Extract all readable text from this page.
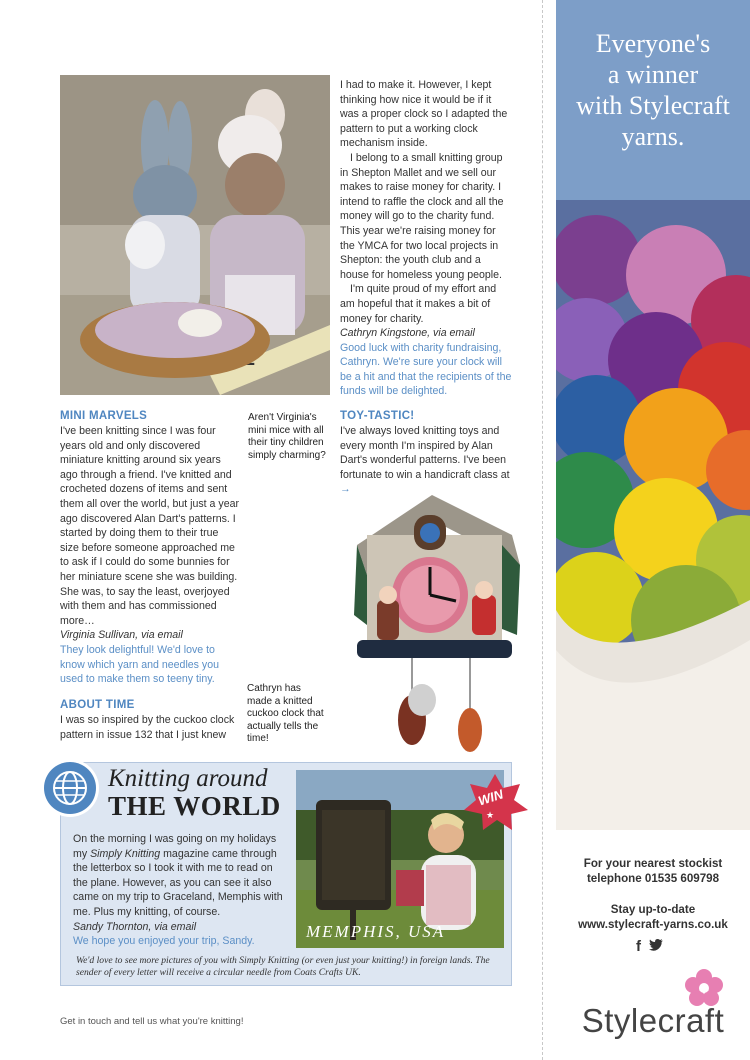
MINI MARVELS

I've been knitting since I was four years old and only discovered miniature knitting around six years ago through a friend. I've knitted and crocheted dozens of items and sent them all over the world, but just a year ago discovered Alan Dart's patterns. I started by doing them to their true size before someone approached me to ask if I could do some bunnies for her miniature scene she was building. She was, to say the least, overjoyed with them and has commissioned more…

Virginia Sullivan, via email

They look delightful! We'd love to know which yarn and needles you used to make them so teeny tiny.

Aren't Virginia's mini mice with all their tiny children simply charming?
ABOUT TIME

I was so inspired by the cuckoo clock pattern in issue 132 that I just knew

I had to make it. However, I kept thinking how nice it would be if it was a proper clock so I adapted the pattern to put a working clock mechanism inside.

I belong to a small knitting group in Shepton Mallet and we sell our makes to raise money for charity. I intend to raffle the clock and all the money will go to the charity fund. This year we're raising money for the YMCA for two local projects in Shepton: the youth club and a house for homeless young people.

I'm quite proud of my effort and am hopeful that it makes a bit of money for charity.

Cathryn Kingstone, via email

Good luck with charity fundraising, Cathryn. We're sure your clock will be a hit and that the recipients of the funds will be delighted.

TOY-TASTIC!

I've always loved knitting toys and every month I'm inspired by Alan Dart's wonderful patterns. I've been fortunate to win a handicraft class at →

Cathryn has made a knitted cuckoo clock that actually tells the time!
Knitting around
THE WORLD

On the morning I was going on my holidays my Simply Knitting magazine came through the letterbox so I took it with me to read on the plane. However, as you can see it also came on my trip to Graceland, Memphis with me. Plus my knitting, of course.

Sandy Thornton, via email

We hope you enjoyed your trip, Sandy.

MEMPHIS, USA
★
WIN
We'd love to see more pictures of you with Simply Knitting (or even just your knitting!) in foreign lands. The sender of every letter will receive a circular needle from Coats Crafts UK.
Get in touch and tell us what you're knitting!
Everyone's
a winner
with Stylecraft
yarns.
For your nearest stockist
telephone 01535 609798
Stay up-to-date
www.stylecraft-yarns.co.uk
f
Stylecraft
